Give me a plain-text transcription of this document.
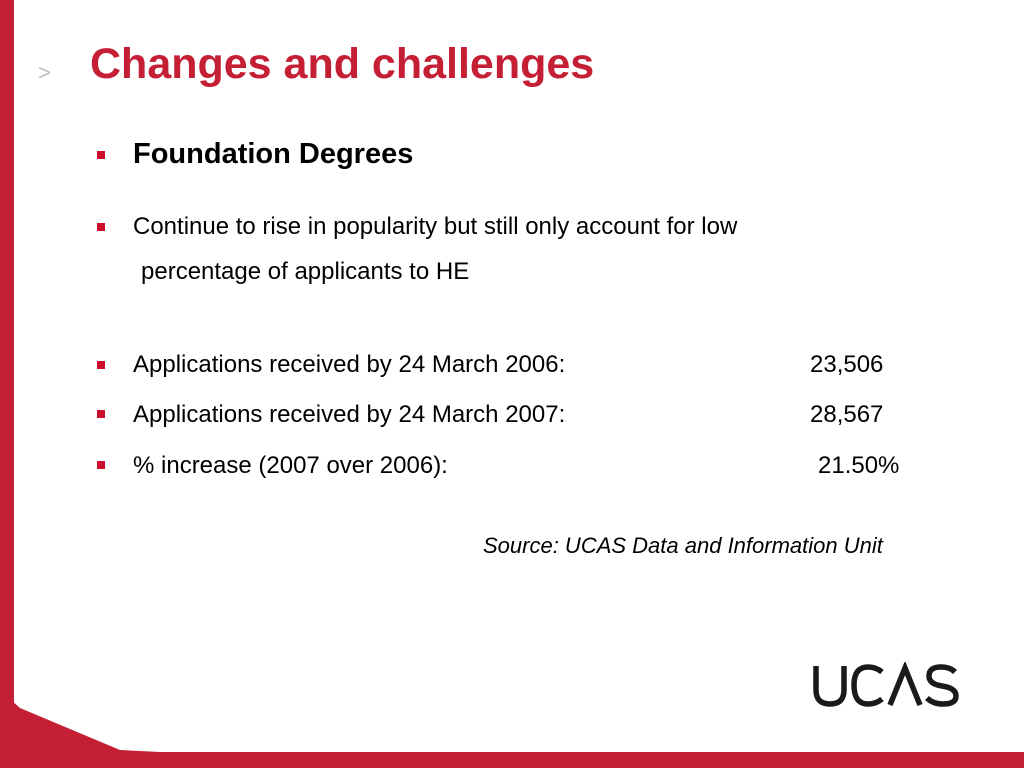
> Changes and challenges
Foundation Degrees
Continue to rise in popularity but still only account for low
percentage of applicants to HE
Applications received by 24 March 2006:	23,506
Applications received by 24 March 2007:	28,567
% increase (2007 over 2006):	21.50%
Source: UCAS Data and Information Unit
